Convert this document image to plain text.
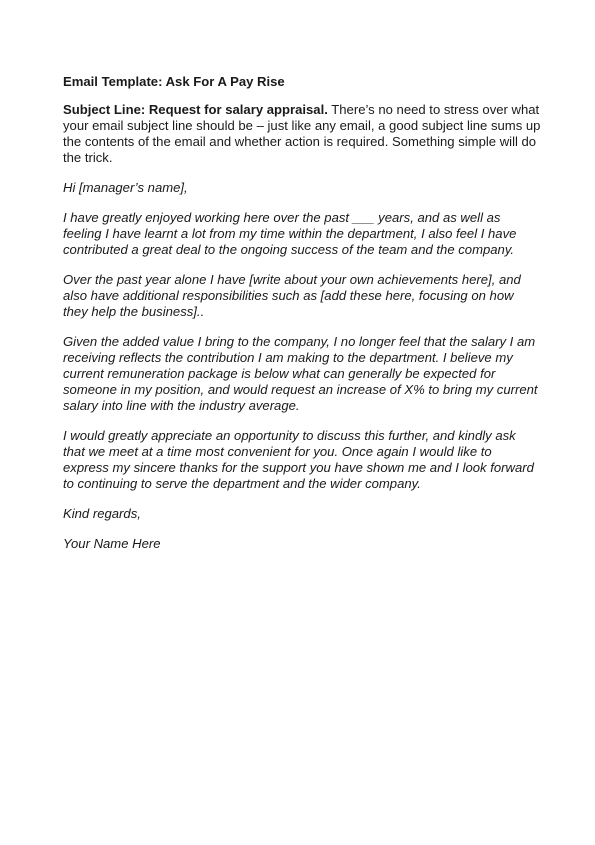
Email Template: Ask For A Pay Rise

Subject Line: Request for salary appraisal. There’s no need to stress over what your email subject line should be – just like any email, a good subject line sums up the contents of the email and whether action is required. Something simple will do the trick.

Hi [manager’s name],

I have greatly enjoyed working here over the past ___ years, and as well as feeling I have learnt a lot from my time within the department, I also feel I have contributed a great deal to the ongoing success of the team and the company.

Over the past year alone I have [write about your own achievements here], and also have additional responsibilities such as [add these here, focusing on how they help the business]..

Given the added value I bring to the company, I no longer feel that the salary I am receiving reflects the contribution I am making to the department. I believe my current remuneration package is below what can generally be expected for someone in my position, and would request an increase of X% to bring my current salary into line with the industry average.

I would greatly appreciate an opportunity to discuss this further, and kindly ask that we meet at a time most convenient for you. Once again I would like to express my sincere thanks for the support you have shown me and I look forward to continuing to serve the department and the wider company.

Kind regards,

Your Name Here
